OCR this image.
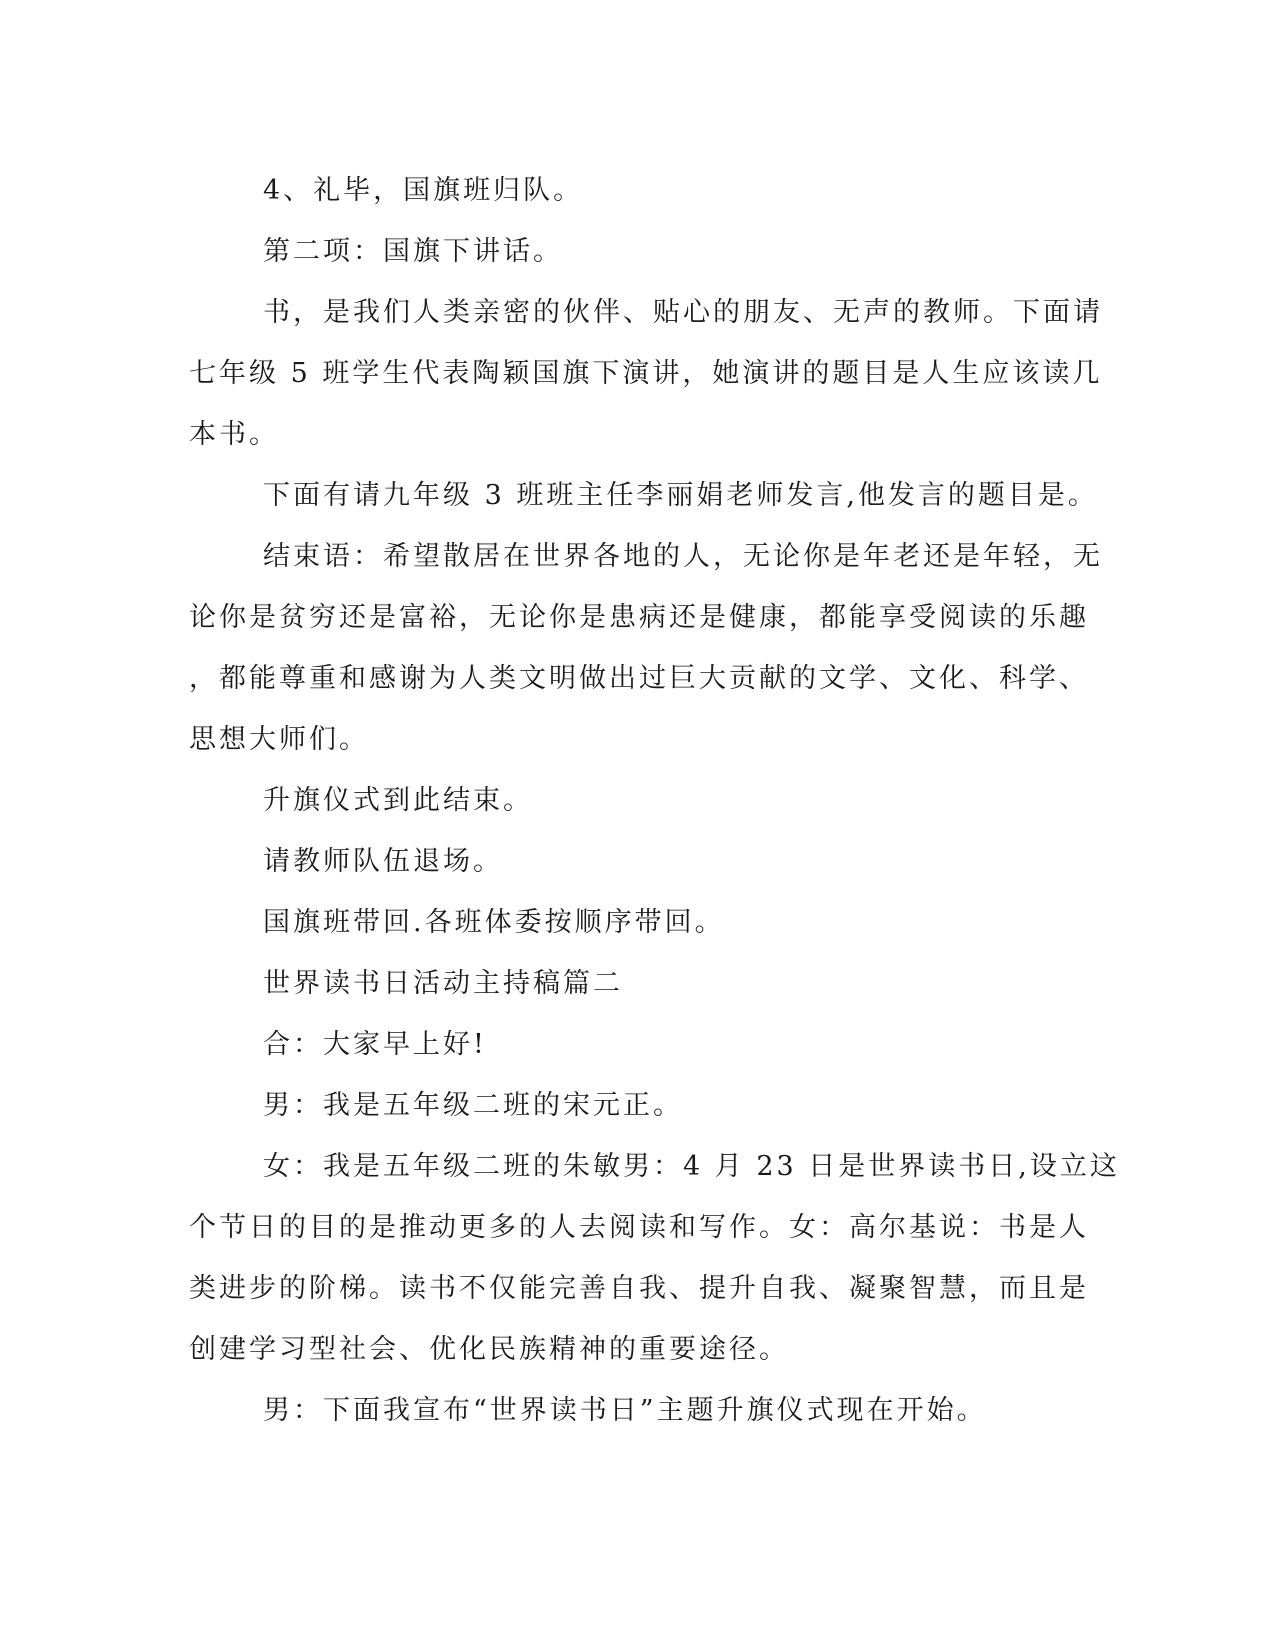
4、礼毕，国旗班归队。

第二项：国旗下讲话。

书，是我们人类亲密的伙伴、贴心的朋友、无声的教师。下面请
七年级 5 班学生代表陶颖国旗下演讲，她演讲的题目是人生应该读几
本书。

下面有请九年级 3 班班主任李丽娟老师发言,他发言的题目是。

结束语：希望散居在世界各地的人，无论你是年老还是年轻，无
论你是贫穷还是富裕，无论你是患病还是健康，都能享受阅读的乐趣
，都能尊重和感谢为人类文明做出过巨大贡献的文学、文化、科学、
思想大师们。

升旗仪式到此结束。

请教师队伍退场。

国旗班带回.各班体委按顺序带回。

世界读书日活动主持稿篇二

合：大家早上好!

男：我是五年级二班的宋元正。

女：我是五年级二班的朱敏男：4 月 23 日是世界读书日,设立这
个节日的目的是推动更多的人去阅读和写作。女：高尔基说：书是人
类进步的阶梯。读书不仅能完善自我、提升自我、凝聚智慧，而且是
创建学习型社会、优化民族精神的重要途径。

男：下面我宣布“世界读书日”主题升旗仪式现在开始。
